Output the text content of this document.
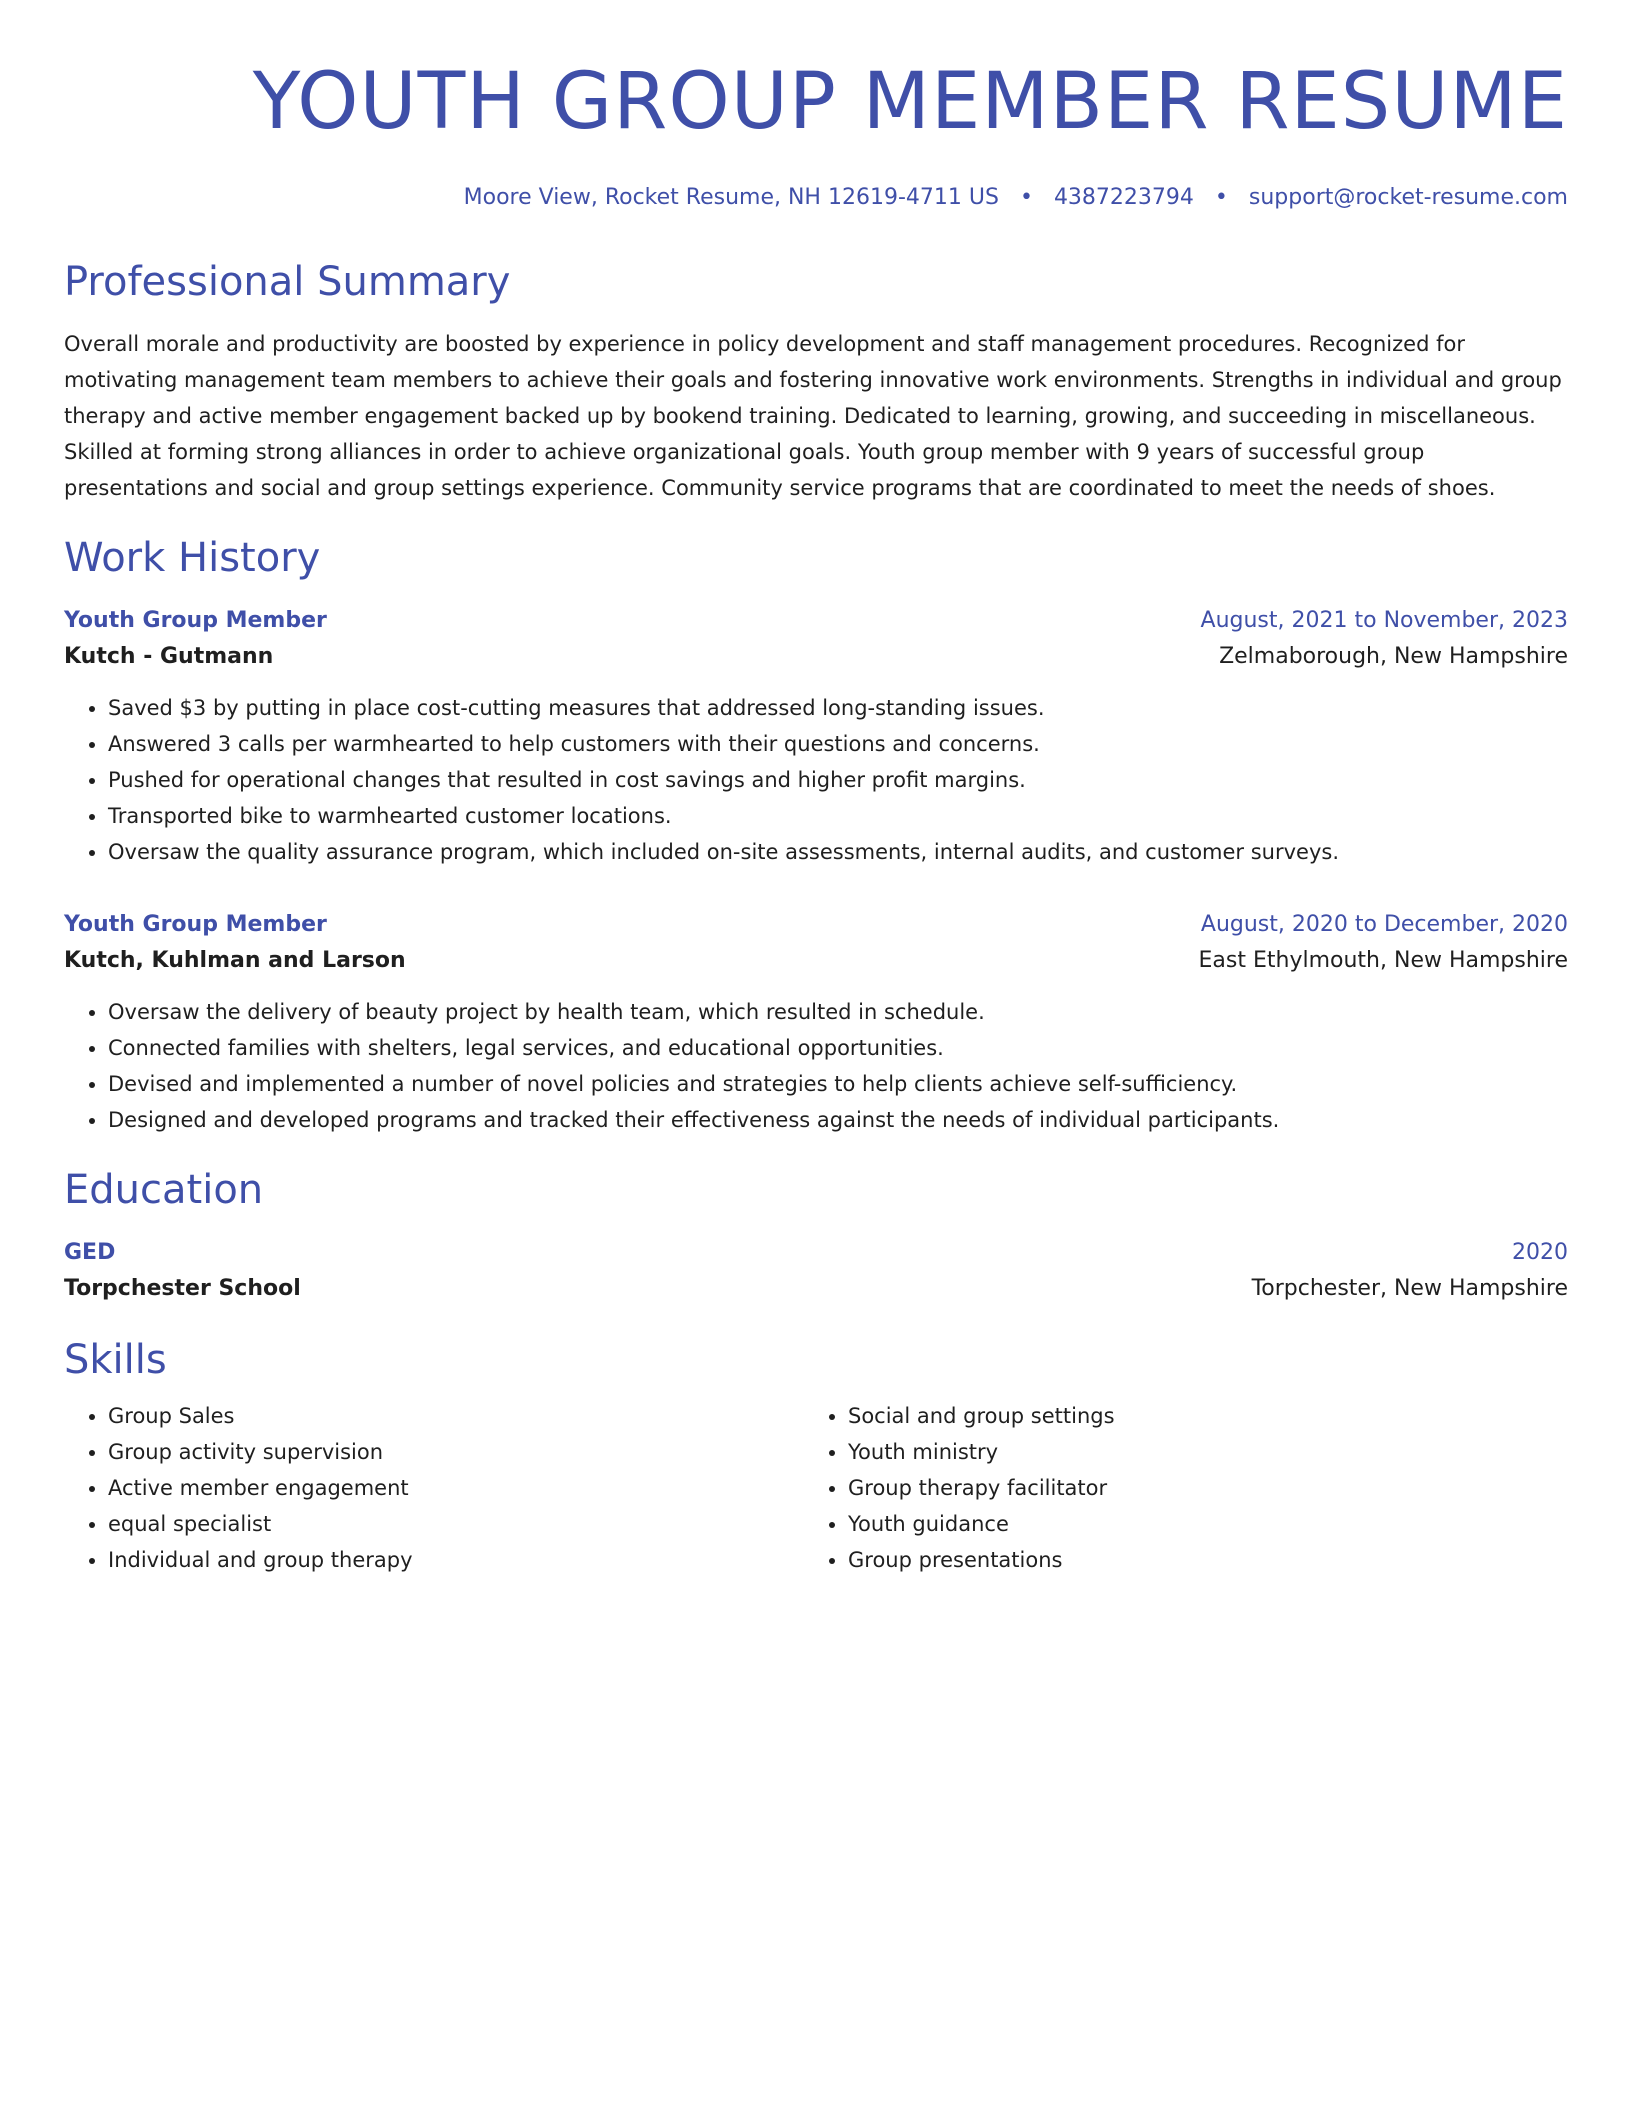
YOUTH GROUP MEMBER RESUME
Moore View, Rocket Resume, NH 12619-4711 US • 4387223794 • support@rocket-resume.com
Professional Summary

Overall morale and productivity are boosted by experience in policy development and staff management procedures. Recognized for motivating management team members to achieve their goals and fostering innovative work environments. Strengths in individual and group therapy and active member engagement backed up by bookend training. Dedicated to learning, growing, and succeeding in miscellaneous. Skilled at forming strong alliances in order to achieve organizational goals. Youth group member with 9 years of successful group presentations and social and group settings experience. Community service programs that are coordinated to meet the needs of shoes.

Work History
Youth Group Member	August, 2021 to November, 2023
Kutch - Gutmann	Zelmaborough, New Hampshire
• Saved $3 by putting in place cost-cutting measures that addressed long-standing issues.
• Answered 3 calls per warmhearted to help customers with their questions and concerns.
• Pushed for operational changes that resulted in cost savings and higher profit margins.
• Transported bike to warmhearted customer locations.
• Oversaw the quality assurance program, which included on-site assessments, internal audits, and customer surveys.
Youth Group Member	August, 2020 to December, 2020
Kutch, Kuhlman and Larson	East Ethylmouth, New Hampshire
• Oversaw the delivery of beauty project by health team, which resulted in schedule.
• Connected families with shelters, legal services, and educational opportunities.
• Devised and implemented a number of novel policies and strategies to help clients achieve self-sufficiency.
• Designed and developed programs and tracked their effectiveness against the needs of individual participants.
Education
GED	2020
Torpchester School	Torpchester, New Hampshire
Skills
• Group Sales
• Group activity supervision
• Active member engagement
• equal specialist
• Individual and group therapy
• Social and group settings
• Youth ministry
• Group therapy facilitator
• Youth guidance
• Group presentations
